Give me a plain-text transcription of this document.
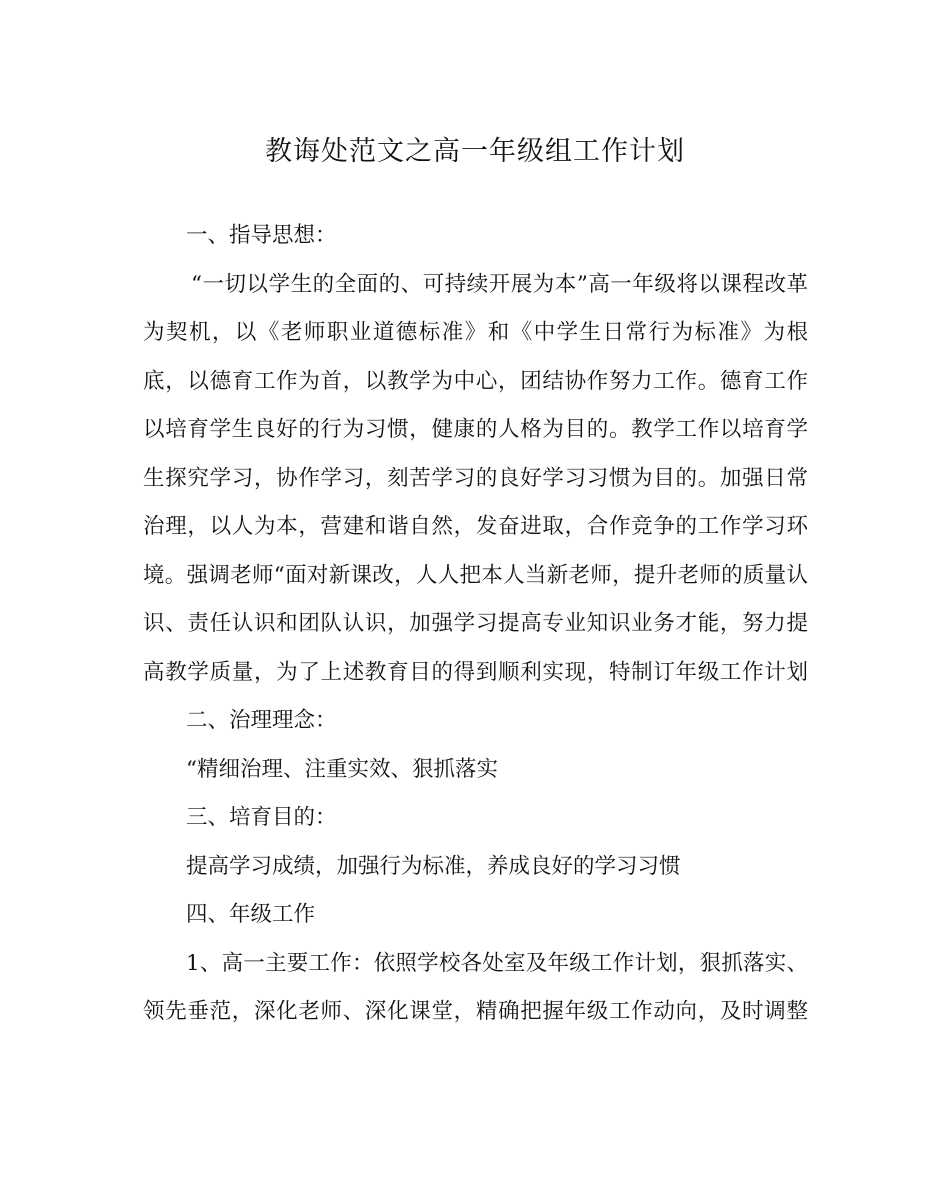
教诲处范文之高一年级组工作计划
一、指导思想：
“一切以学生的全面的、可持续开展为本”高一年级将以课程改革
为契机，以《老师职业道德标准》和《中学生日常行为标准》为根
底，以德育工作为首，以教学为中心，团结协作努力工作。德育工作
以培育学生良好的行为习惯，健康的人格为目的。教学工作以培育学
生探究学习，协作学习，刻苦学习的良好学习习惯为目的。加强日常
治理，以人为本，营建和谐自然，发奋进取，合作竞争的工作学习环
境。强调老师“面对新课改，人人把本人当新老师，提升老师的质量认
识、责任认识和团队认识，加强学习提高专业知识业务才能，努力提
高教学质量，为了上述教育目的得到顺利实现，特制订年级工作计划
二、治理理念：
“精细治理、注重实效、狠抓落实
三、培育目的：
提高学习成绩，加强行为标准，养成良好的学习习惯
四、年级工作
1、高一主要工作：依照学校各处室及年级工作计划，狠抓落实、
领先垂范，深化老师、深化课堂，精确把握年级工作动向，及时调整
